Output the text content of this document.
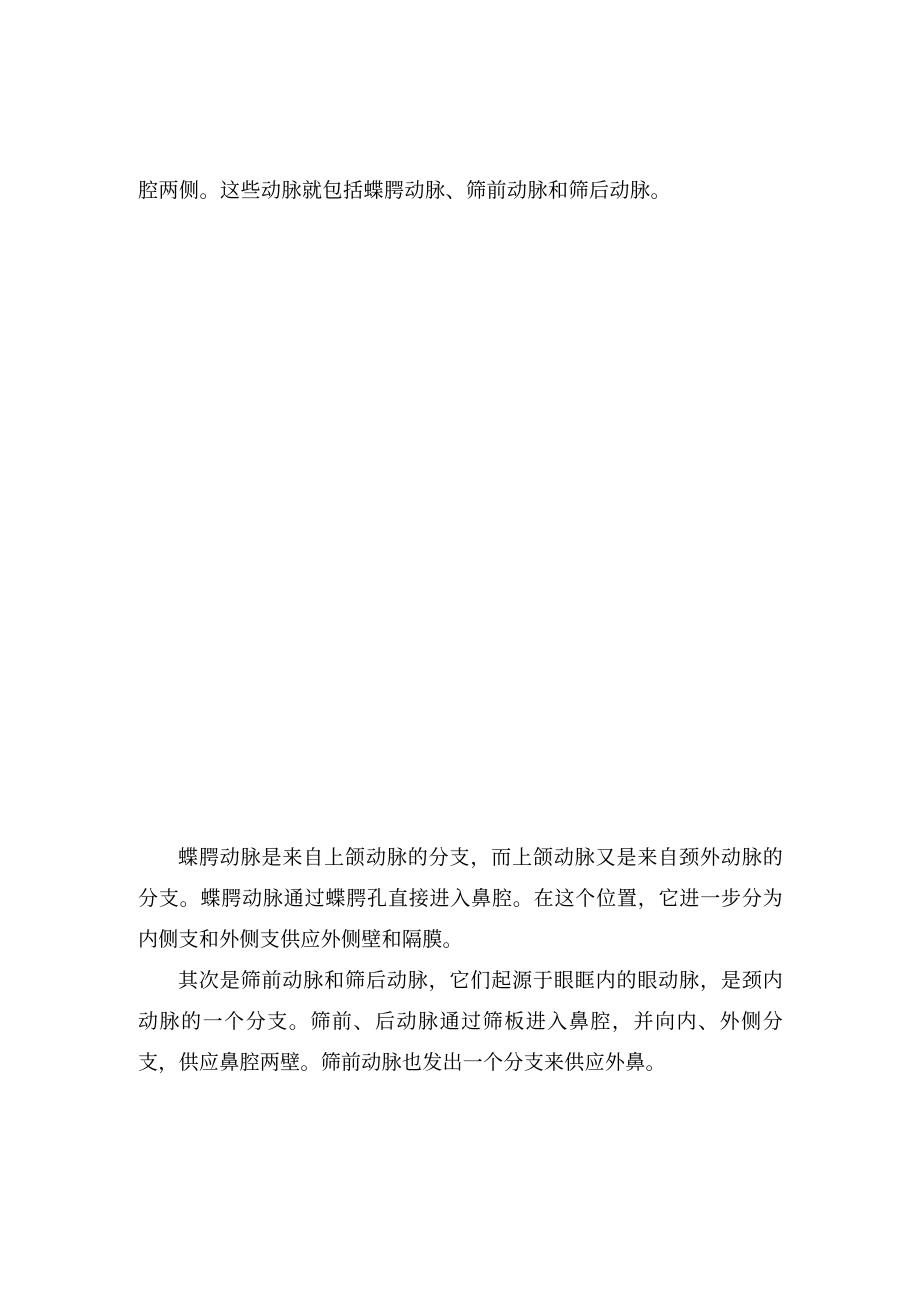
腔两侧。这些动脉就包括蝶腭动脉、筛前动脉和筛后动脉。

蝶腭动脉是来自上颌动脉的分支，而上颌动脉又是来自颈外动脉的分支。蝶腭动脉通过蝶腭孔直接进入鼻腔。在这个位置，它进一步分为内侧支和外侧支供应外侧壁和隔膜。

其次是筛前动脉和筛后动脉，它们起源于眼眶内的眼动脉，是颈内动脉的一个分支。筛前、后动脉通过筛板进入鼻腔，并向内、外侧分支，供应鼻腔两壁。筛前动脉也发出一个分支来供应外鼻。
